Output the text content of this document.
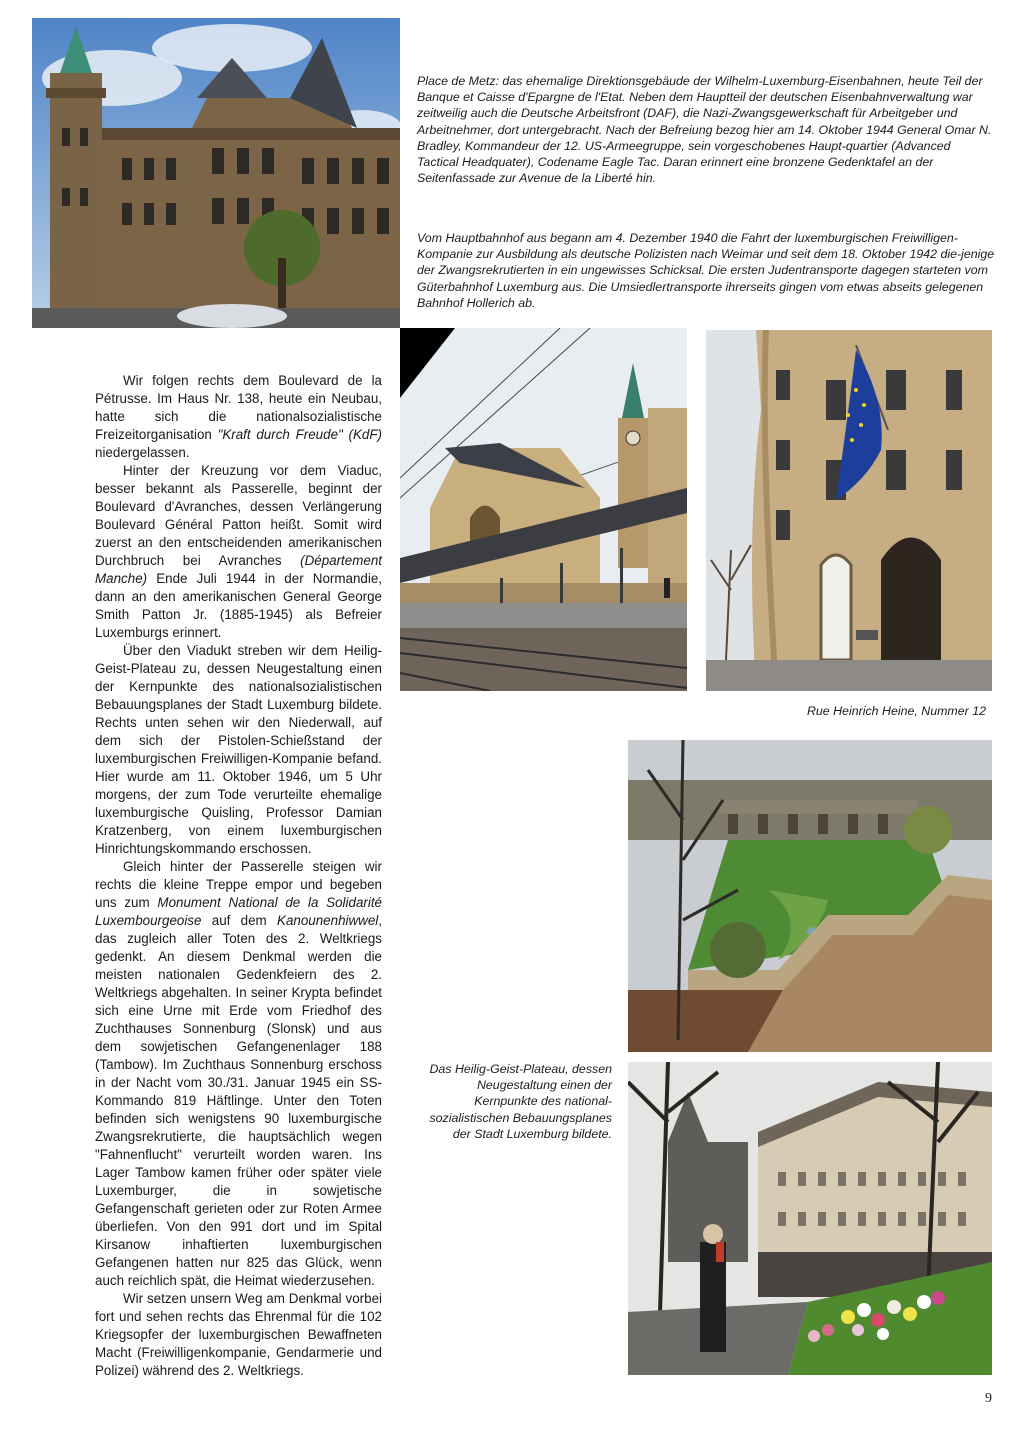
Place de Metz: das ehemalige Direktionsgebäude der Wilhelm-Luxemburg-Eisenbahnen, heute Teil der Banque et Caisse d'Epargne de l'Etat. Neben dem Hauptteil der deutschen Eisenbahnverwaltung war zeitweilig auch die Deutsche Arbeitsfront (DAF), die Nazi-Zwangsgewerkschaft für Arbeitgeber und Arbeitnehmer, dort untergebracht. Nach der Befreiung bezog hier am 14. Oktober 1944 General Omar N. Bradley, Kommandeur der 12. US-Armeegruppe, sein vorgeschobenes Haupt-quartier (Advanced Tactical Headquater), Codename Eagle Tac. Daran erinnert eine bronzene Gedenktafel an der Seitenfassade zur Avenue de la Liberté hin.

Vom Hauptbahnhof aus begann am 4. Dezember 1940 die Fahrt der luxemburgischen Freiwilligen-Kompanie zur Ausbildung als deutsche Polizisten nach Weimar und seit dem 18. Oktober 1942 die-jenige der Zwangsrekrutierten in ein ungewisses Schicksal. Die ersten Judentransporte dagegen starteten vom Güterbahnhof Luxemburg aus. Die Umsiedlertransporte ihrerseits gingen vom etwas abseits gelegenen Bahnhof Hollerich ab.

Rue Heinrich Heine, Nummer 12

Das Heilig-Geist-Plateau, dessen Neugestaltung einen der Kernpunkte des national-sozialistischen Bebauungsplanes der Stadt Luxemburg bildete.

Wir folgen rechts dem Boulevard de la Pétrusse. Im Haus Nr. 138, heute ein Neubau, hatte sich die nationalsozialistische Freizeitorganisation "Kraft durch Freude" (KdF) niedergelassen.

Hinter der Kreuzung vor dem Viaduc, besser bekannt als Passerelle, beginnt der Boulevard d'Avranches, dessen Verlängerung Boulevard Général Patton heißt. Somit wird zuerst an den entscheidenden amerikanischen Durchbruch bei Avranches (Département Manche) Ende Juli 1944 in der Normandie, dann an den amerikanischen General George Smith Patton Jr. (1885-1945) als Befreier Luxemburgs erinnert.

Über den Viadukt streben wir dem Heilig-Geist-Plateau zu, dessen Neugestaltung einen der Kernpunkte des nationalsozialistischen Bebauungsplanes der Stadt Luxemburg bildete. Rechts unten sehen wir den Niederwall, auf dem sich der Pistolen-Schießstand der luxemburgischen Freiwilligen-Kompanie befand. Hier wurde am 11. Oktober 1946, um 5 Uhr morgens, der zum Tode verurteilte ehemalige luxemburgische Quisling, Professor Damian Kratzenberg, von einem luxemburgischen Hinrichtungskommando erschossen.

Gleich hinter der Passerelle steigen wir rechts die kleine Treppe empor und begeben uns zum Monument National de la Solidarité Luxembourgeoise auf dem Kanounenhiwwel, das zugleich aller Toten des 2. Weltkriegs gedenkt. An diesem Denkmal werden die meisten nationalen Gedenkfeiern des 2. Weltkriegs abgehalten. In seiner Krypta befindet sich eine Urne mit Erde vom Friedhof des Zuchthauses Sonnenburg (Slonsk) und aus dem sowjetischen Gefangenenlager 188 (Tambow). Im Zuchthaus Sonnenburg erschoss in der Nacht vom 30./31. Januar 1945 ein SS-Kommando 819 Häftlinge. Unter den Toten befinden sich wenigstens 90 luxemburgische Zwangsrekrutierte, die hauptsächlich wegen "Fahnenflucht" verurteilt worden waren. Ins Lager Tambow kamen früher oder später viele Luxemburger, die in sowjetische Gefangenschaft gerieten oder zur Roten Armee überliefen. Von den 991 dort und im Spital Kirsanow inhaftierten luxemburgischen Gefangenen hatten nur 825 das Glück, wenn auch reichlich spät, die Heimat wiederzusehen.

Wir setzen unsern Weg am Denkmal vorbei fort und sehen rechts das Ehrenmal für die 102 Kriegsopfer der luxemburgischen Bewaffneten Macht (Freiwilligenkompanie, Gendarmerie und Polizei) während des 2. Weltkriegs.

9
